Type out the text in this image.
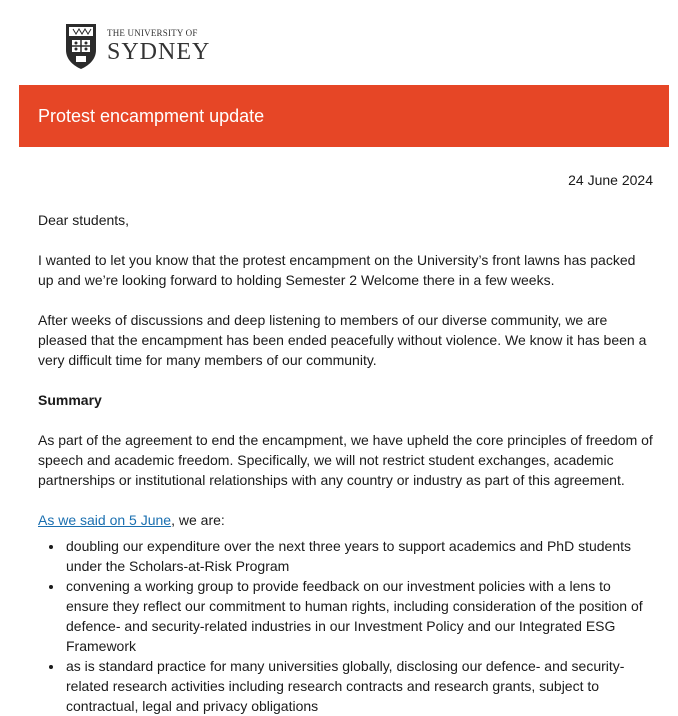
THE UNIVERSITY OF
SYDNEY
Protest encampment update

24 June 2024

Dear students,

I wanted to let you know that the protest encampment on the University’s front lawns has packed up and we’re looking forward to holding Semester 2 Welcome there in a few weeks.

After weeks of discussions and deep listening to members of our diverse community, we are pleased that the encampment has been ended peacefully without violence. We know it has been a very difficult time for many members of our community.

Summary

As part of the agreement to end the encampment, we have upheld the core principles of freedom of speech and academic freedom. Specifically, we will not restrict student exchanges, academic partnerships or institutional relationships with any country or industry as part of this agreement.

As we said on 5 June, we are:

• doubling our expenditure over the next three years to support academics and PhD students under the Scholars-at-Risk Program
• convening a working group to provide feedback on our investment policies with a lens to ensure they reflect our commitment to human rights, including consideration of the position of defence- and security-related industries in our Investment Policy and our Integrated ESG Framework
• as is standard practice for many universities globally, disclosing our defence- and security-related research activities including research contracts and research grants, subject to contractual, legal and privacy obligations
